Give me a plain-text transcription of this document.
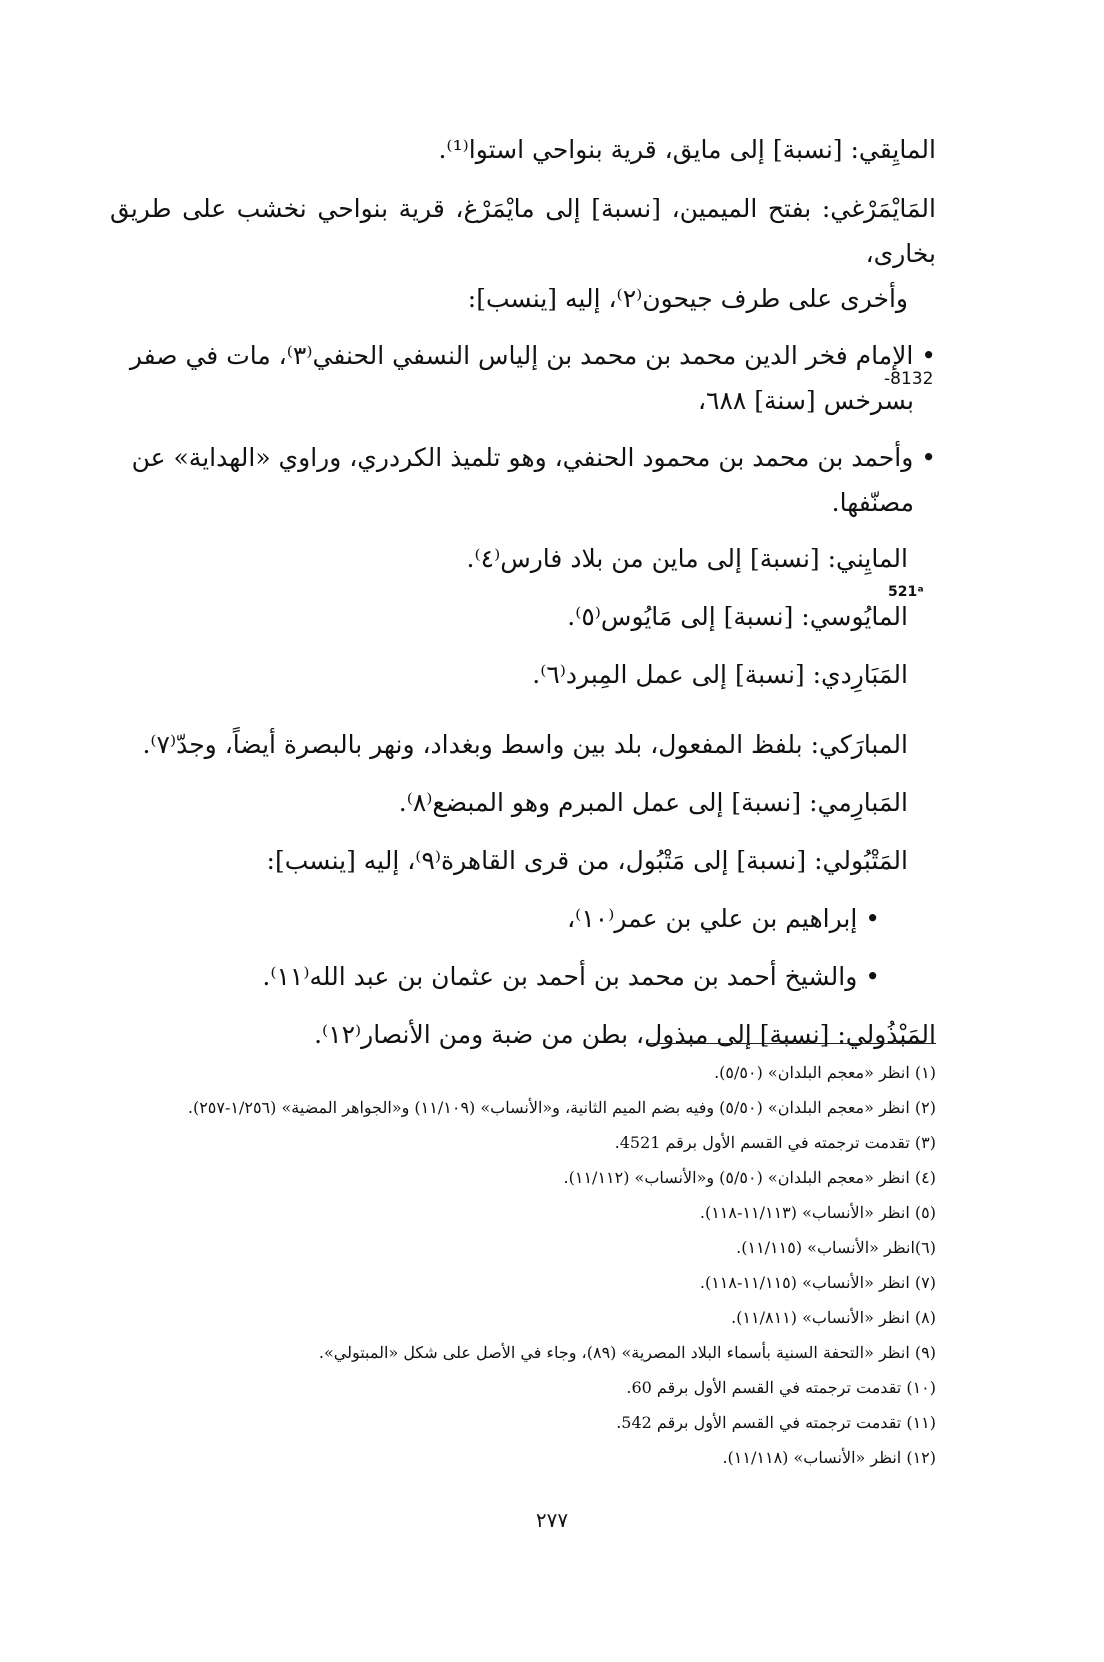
المايِقي: [نسبة] إلى مايق، قرية بنواحي استوا⁽¹⁾.
المَايْمَرْغي: بفتح الميمين، [نسبة] إلى مايْمَرْغ، قرية بنواحي نخشب على طريق بخارى،
وأخرى على طرف جيحون⁽٢⁾، إليه [ينسب]:
• الإمام فخر الدين محمد بن محمد بن إلياس النسفي الحنفي⁽٣⁾، مات في صفر
بسرخس [سنة] ٦٨٨،
• وأحمد بن محمد بن محمود الحنفي، وهو تلميذ الكردري، وراوي «الهداية» عن
مصنّفها.
المايِني: [نسبة] إلى ماين من بلاد فارس⁽٤⁾.
المايُوسي: [نسبة] إلى مَايُوس⁽٥⁾.
المَبَارِدي: [نسبة] إلى عمل المِبرد⁽٦⁾.
المبارَكي: بلفظ المفعول، بلد بين واسط وبغداد، ونهر بالبصرة أيضاً، وجدّ⁽٧⁾.
المَبارِمي: [نسبة] إلى عمل المبرم وهو المبضع⁽٨⁾.
المَتْبُولي: [نسبة] إلى مَتْبُول، من قرى القاهرة⁽٩⁾، إليه [ينسب]:
• إبراهيم بن علي بن عمر⁽١٠⁾،
• والشيخ أحمد بن محمد بن أحمد بن عثمان بن عبد الله⁽١١⁾.
المَبْذُولي: [نسبة] إلى مبذول، بطن من ضبة ومن الأنصار⁽١٢⁾.
-8132
521ᵃ
(١) انظر «معجم البلدان» (٥/٥٠).
(٢) انظر «معجم البلدان» (٥/٥٠) وفيه بضم الميم الثانية، و«الأنساب» (١١/١٠٩) و«الجواهر المضية» (١/٢٥٦-٢٥٧).
(٣) تقدمت ترجمته في القسم الأول برقم 4521.
(٤) انظر «معجم البلدان» (٥/٥٠) و«الأنساب» (١١/١١٢).
(٥) انظر «الأنساب» (١١/١١٣-١١٨).
(٦)انظر «الأنساب» (١١/١١٥).
(٧) انظر «الأنساب» (١١/١١٥-١١٨).
(٨) انظر «الأنساب» (١١/٨١١).
(٩) انظر «التحفة السنية بأسماء البلاد المصرية» (٨٩)، وجاء في الأصل على شكل «المبتولي».
(١٠) تقدمت ترجمته في القسم الأول برقم 60.
(١١) تقدمت ترجمته في القسم الأول برقم 542.
(١٢) انظر «الأنساب» (١١/١١٨).
٢٧٧
